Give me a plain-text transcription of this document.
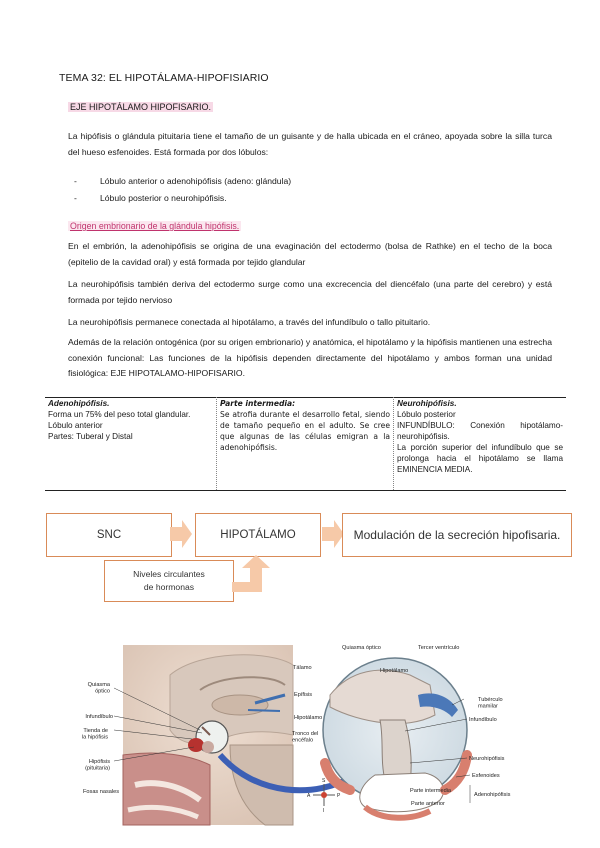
TEMA 32: EL HIPOTÁLAMA-HIPOFISIARIO
EJE HIPOTÁLAMO HIPOFISARIO.
La hipófisis o glándula pituitaria tiene el tamaño de un guisante y de halla ubicada en el cráneo, apoyada sobre la silla turca del hueso esfenoides. Está formada por dos lóbulos:
-	Lóbulo anterior o adenohipófisis (adeno: glándula)
-	Lóbulo posterior o neurohipófisis.
Origen embrionario de la glándula hipófisis.
En el embrión, la adenohipófisis se origina de una evaginación del ectodermo (bolsa de Rathke) en el techo de la boca (epitelio de la cavidad oral) y está formada por tejido glandular
La neurohipófisis también deriva del ectodermo surge como una excrecencia del diencéfalo (una parte del cerebro) y está formada por tejido nervioso
La neurohipófisis permanece conectada al hipotálamo, a través del infundíbulo o tallo pituitario.
Además de la relación ontogénica (por su origen embrionario) y anatómica, el hipotálamo y la hipófisis mantienen una estrecha conexión funcional: Las funciones de la hipófisis dependen directamente del hipotálamo y ambos forman una unidad fisiológica: EJE HIPOTALAMO-HIPOFISARIO.
Adenohipófisis.
Forma un 75% del peso total glandular.
Lóbulo anterior
Partes: Tuberal y Distal

Parte intermedia:
Se atrofia durante el desarrollo fetal, siendo de tamaño pequeño en el adulto. Se cree que algunas de las células emigran a la adenohipófisis.

Neurohipófisis.
Lóbulo posterior
INFUNDÍBULO: Conexión hipotálamo-neurohipófisis.
La porción superior del infundíbulo que se prolonga hacia el hipotálamo se llama EMINENCIA MEDIA.
SNC	HIPOTÁLAMO	Modulación de la secreción hipofisaria.
Niveles circulantes
de hormonas
Quiasma óptico
Infundíbulo
Tienda de la hipófisis
Hipófisis (pituitaria)
Fosas nasales
Tálamo
Epífisis
Hipotálamo
Tronco del encéfalo
Quiasma óptico	Tercer ventrículo
Hipotálamo
Tubérculo mamilar
Infundíbulo
Neurohipófisis
Esfenoides
Parte intermedia
Adenohipófisis
Parte anterior
S
A	P
I
